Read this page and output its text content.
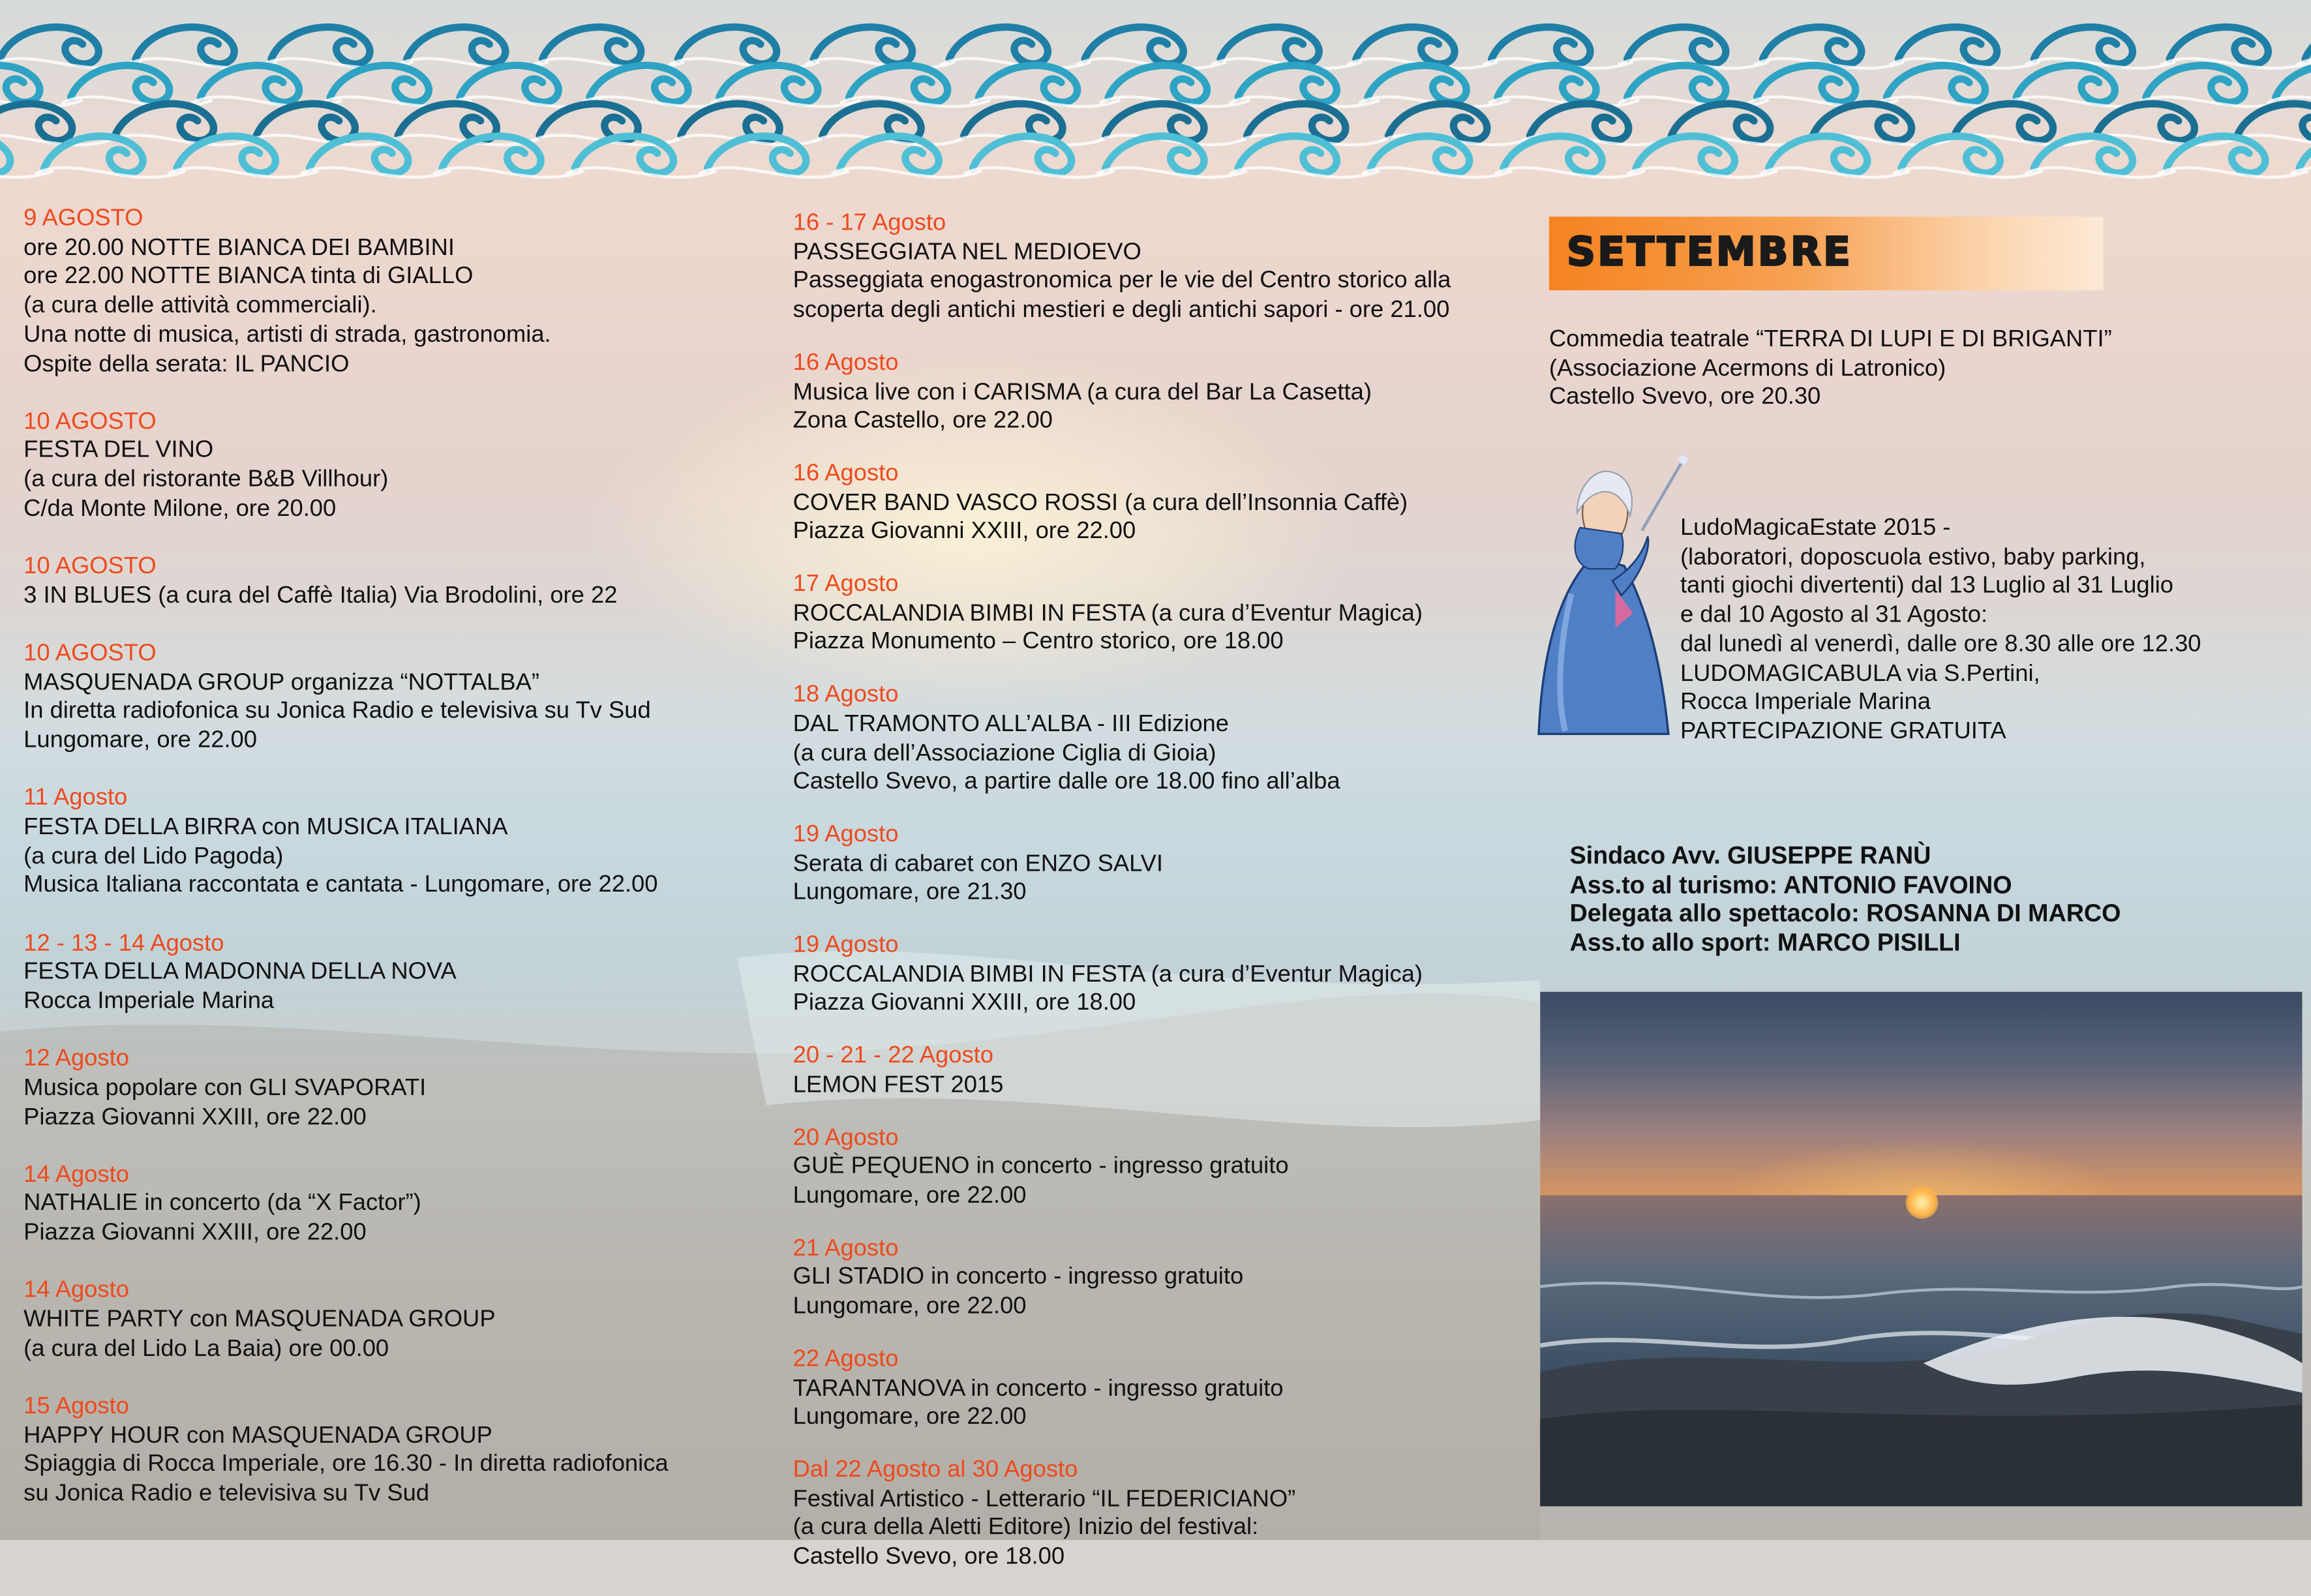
9 AGOSTO
ore 20.00 NOTTE BIANCA DEI BAMBINI
ore 22.00 NOTTE BIANCA tinta di GIALLO
(a cura delle attività commerciali).
Una notte di musica, artisti di strada, gastronomia.
Ospite della serata: IL PANCIO
10 AGOSTO
FESTA DEL VINO
(a cura del ristorante B&B Villhour)
C/da Monte Milone, ore 20.00
10 AGOSTO
3 IN BLUES (a cura del Caffè Italia) Via Brodolini, ore 22
10 AGOSTO
MASQUENADA GROUP organizza “NOTTALBA”
In diretta radiofonica su Jonica Radio e televisiva su Tv Sud
Lungomare, ore 22.00
11 Agosto
FESTA DELLA BIRRA con MUSICA ITALIANA
(a cura del Lido Pagoda)
Musica Italiana raccontata e cantata - Lungomare, ore 22.00
12 - 13 - 14 Agosto
FESTA DELLA MADONNA DELLA NOVA
Rocca Imperiale Marina
12 Agosto
Musica popolare con GLI SVAPORATI
Piazza Giovanni XXIII, ore 22.00
14 Agosto
NATHALIE in concerto (da “X Factor”)
Piazza Giovanni XXIII, ore 22.00
14 Agosto
WHITE PARTY con MASQUENADA GROUP
(a cura del Lido La Baia) ore 00.00
15 Agosto
HAPPY HOUR con MASQUENADA GROUP
Spiaggia di Rocca Imperiale, ore 16.30 - In diretta radiofonica
su Jonica Radio e televisiva su Tv Sud
16 - 17 Agosto
PASSEGGIATA NEL MEDIOEVO
Passeggiata enogastronomica per le vie del Centro storico alla
scoperta degli antichi mestieri e degli antichi sapori - ore 21.00
16 Agosto
Musica live con i CARISMA (a cura del Bar La Casetta)
Zona Castello, ore 22.00
16 Agosto
COVER BAND VASCO ROSSI (a cura dell’Insonnia Caffè)
Piazza Giovanni XXIII, ore 22.00
17 Agosto
ROCCALANDIA BIMBI IN FESTA (a cura d’Eventur Magica)
Piazza Monumento – Centro storico, ore 18.00
18 Agosto
DAL TRAMONTO ALL’ALBA - III Edizione
(a cura dell’Associazione Ciglia di Gioia)
Castello Svevo, a partire dalle ore 18.00 fino all’alba
19 Agosto
Serata di cabaret con ENZO SALVI
Lungomare, ore 21.30
19 Agosto
ROCCALANDIA BIMBI IN FESTA (a cura d’Eventur Magica)
Piazza Giovanni XXIII, ore 18.00
20 - 21 - 22 Agosto
LEMON FEST 2015
20 Agosto
GUÈ PEQUENO in concerto - ingresso gratuito
Lungomare, ore 22.00
21 Agosto
GLI STADIO in concerto - ingresso gratuito
Lungomare, ore 22.00
22 Agosto
TARANTANOVA in concerto - ingresso gratuito
Lungomare, ore 22.00
Dal 22 Agosto al 30 Agosto
Festival Artistico - Letterario “IL FEDERICIANO”
(a cura della Aletti Editore) Inizio del festival:
Castello Svevo, ore 18.00
SETTEMBRE
Commedia teatrale “TERRA DI LUPI E DI BRIGANTI”
(Associazione Acermons di Latronico)
Castello Svevo, ore 20.30
LudoMagicaEstate 2015 -
(laboratori, doposcuola estivo, baby parking,
tanti giochi divertenti) dal 13 Luglio al 31 Luglio
e dal 10 Agosto al 31 Agosto:
dal lunedì al venerdì, dalle ore 8.30 alle ore 12.30
LUDOMAGICABULA via S.Pertini,
Rocca Imperiale Marina
PARTECIPAZIONE GRATUITA
Sindaco Avv. GIUSEPPE RANÙ
Ass.to al turismo: ANTONIO FAVOINO
Delegata allo spettacolo: ROSANNA DI MARCO
Ass.to allo sport: MARCO PISILLI
